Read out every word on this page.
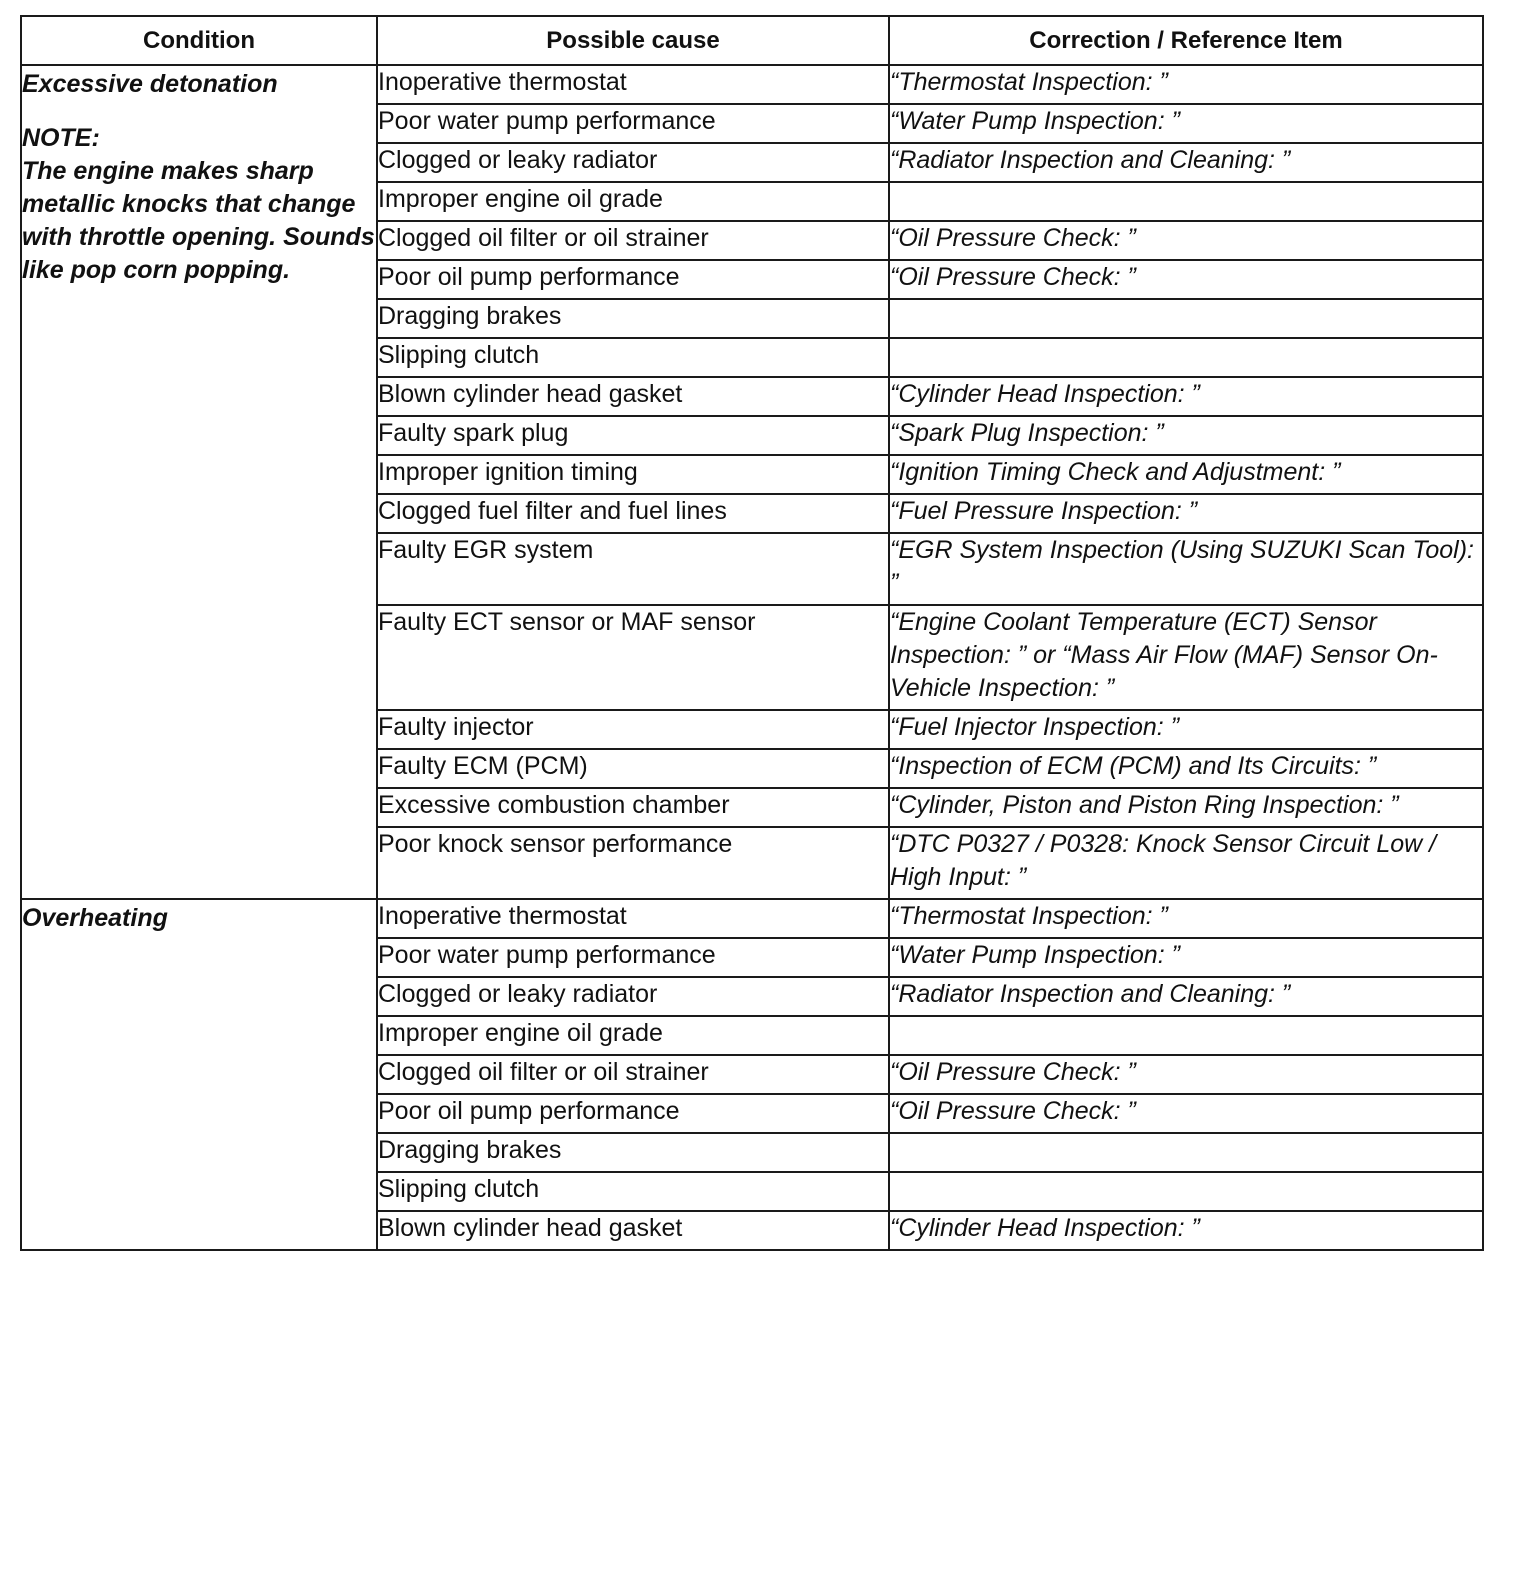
Condition	Possible cause	Correction / Reference Item

Excessive detonation
NOTE:
The engine makes sharp metallic knocks that change with throttle opening. Sounds like pop corn popping.	Inoperative thermostat	“Thermostat Inspection: ”
	Poor water pump performance	“Water Pump Inspection: ”
	Clogged or leaky radiator	“Radiator Inspection and Cleaning: ”
	Improper engine oil grade	
	Clogged oil filter or oil strainer	“Oil Pressure Check: ”
	Poor oil pump performance	“Oil Pressure Check: ”
	Dragging brakes	
	Slipping clutch	
	Blown cylinder head gasket	“Cylinder Head Inspection: ”
	Faulty spark plug	“Spark Plug Inspection: ”
	Improper ignition timing	“Ignition Timing Check and Adjustment: ”
	Clogged fuel filter and fuel lines	“Fuel Pressure Inspection: ”
	Faulty EGR system	“EGR System Inspection (Using SUZUKI Scan Tool): ”
	Faulty ECT sensor or MAF sensor	“Engine Coolant Temperature (ECT) Sensor Inspection: ” or “Mass Air Flow (MAF) Sensor On-Vehicle Inspection: ”
	Faulty injector	“Fuel Injector Inspection: ”
	Faulty ECM (PCM)	“Inspection of ECM (PCM) and Its Circuits: ”
	Excessive combustion chamber	“Cylinder, Piston and Piston Ring Inspection: ”
	Poor knock sensor performance	“DTC P0327 / P0328: Knock Sensor Circuit Low / High Input: ”

Overheating	Inoperative thermostat	“Thermostat Inspection: ”
	Poor water pump performance	“Water Pump Inspection: ”
	Clogged or leaky radiator	“Radiator Inspection and Cleaning: ”
	Improper engine oil grade	
	Clogged oil filter or oil strainer	“Oil Pressure Check: ”
	Poor oil pump performance	“Oil Pressure Check: ”
	Dragging brakes	
	Slipping clutch	
	Blown cylinder head gasket	“Cylinder Head Inspection: ”
